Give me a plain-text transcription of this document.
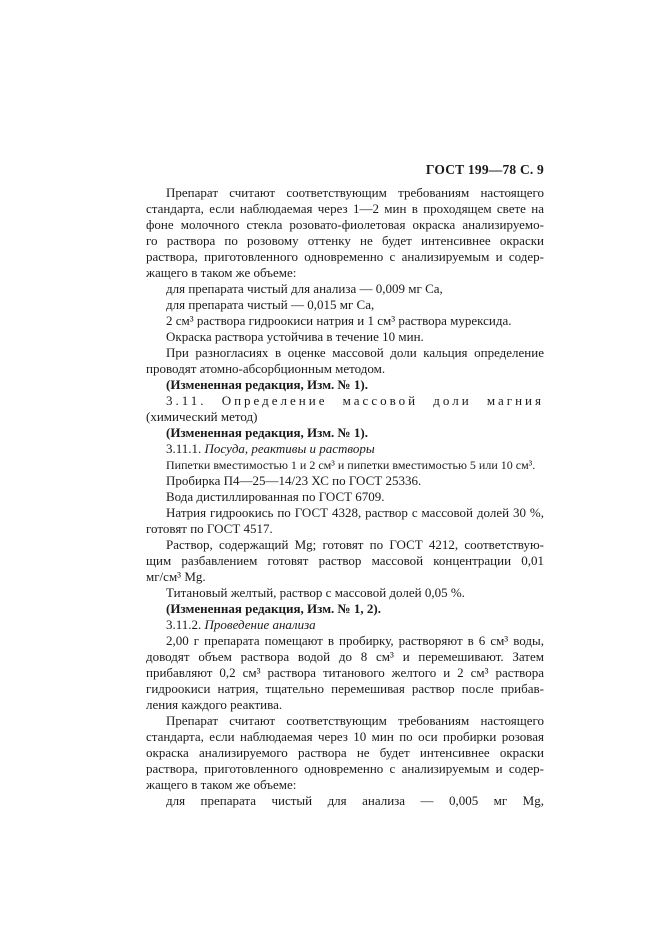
ГОСТ 199—78 С. 9
Препарат считают соответствующим требованиям настоящего
стандарта, если наблюдаемая через 1—2 мин в проходящем свете на
фоне молочного стекла розовато-фиолетовая окраска анализируемо-
го раствора по розовому оттенку не будет интенсивнее окраски
раствора, приготовленного одновременно с анализируемым и содер-
жащего в таком же объеме:
для препарата чистый для анализа — 0,009 мг Са,
для препарата чистый — 0,015 мг Са,
2 см³ раствора гидроокиси натрия и 1 см³ раствора мурексида.
Окраска раствора устойчива в течение 10 мин.
При разногласиях в оценке массовой доли кальция определение
проводят атомно-абсорбционным методом.
(Измененная редакция, Изм. № 1).
3.11. Определение массовой доли магния
(химический метод)
(Измененная редакция, Изм. № 1).
3.11.1. Посуда, реактивы и растворы
Пипетки вместимостью 1 и 2 см³ и пипетки вместимостью 5 или 10 см³.
Пробирка П4—25—14/23 ХС по ГОСТ 25336.
Вода дистиллированная по ГОСТ 6709.
Натрия гидроокись по ГОСТ 4328, раствор с массовой долей 30 %,
готовят по ГОСТ 4517.
Раствор, содержащий Mg; готовят по ГОСТ 4212, соответствую-
щим разбавлением готовят раствор массовой концентрации 0,01
мг/см³ Mg.
Титановый желтый, раствор с массовой долей 0,05 %.
(Измененная редакция, Изм. № 1, 2).
3.11.2. Проведение анализа
2,00 г препарата помещают в пробирку, растворяют в 6 см³ воды,
доводят объем раствора водой до 8 см³ и перемешивают. Затем
прибавляют 0,2 см³ раствора титанового желтого и 2 см³ раствора
гидроокиси натрия, тщательно перемешивая раствор после прибав-
ления каждого реактива.
Препарат считают соответствующим требованиям настоящего
стандарта, если наблюдаемая через 10 мин по оси пробирки розовая
окраска анализируемого раствора не будет интенсивнее окраски
раствора, приготовленного одновременно с анализируемым и содер-
жащего в таком же объеме:
для препарата чистый для анализа — 0,005 мг Mg,
